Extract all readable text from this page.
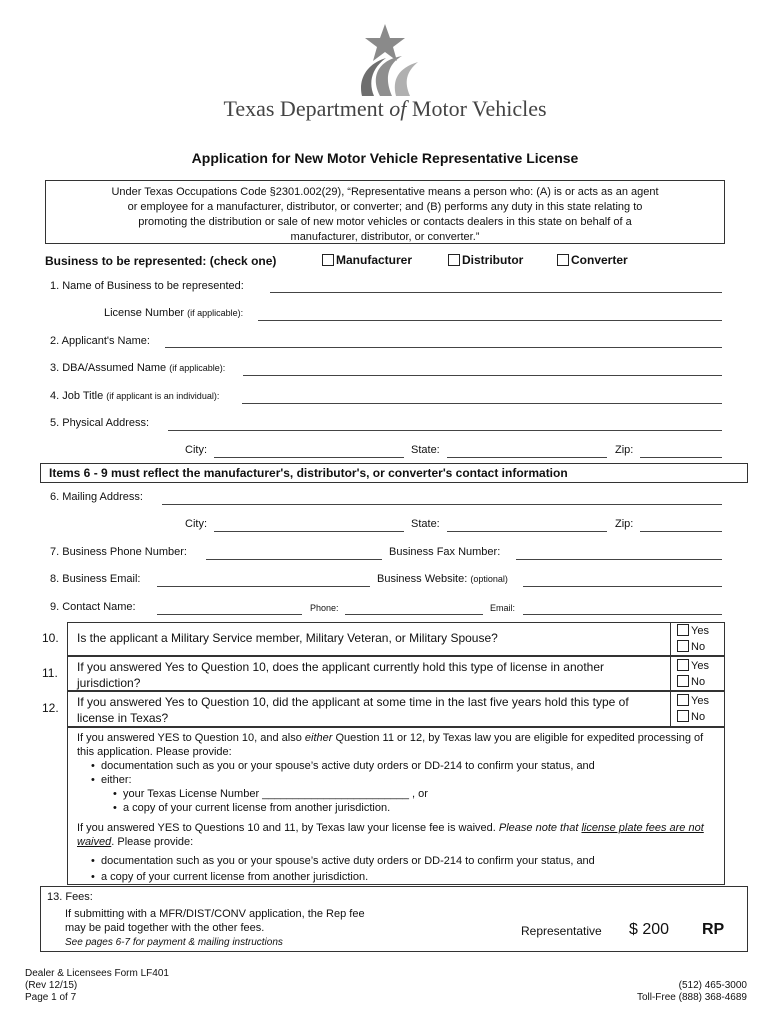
Texas Department of Motor Vehicles
Application for New Motor Vehicle Representative License
Under Texas Occupations Code §2301.002(29), “Representative means a person who: (A) is or acts as an agent or employee for a manufacturer, distributor, or converter; and (B) performs any duty in this state relating to promoting the distribution or sale of new motor vehicles or contacts dealers in this state on behalf of a manufacturer, distributor, or converter.”
Business to be represented: (check one)	Manufacturer	Distributor	Converter
1. Name of Business to be represented:
License Number (if applicable):
2. Applicant's Name:
3. DBA/Assumed Name (if applicable):
4. Job Title (if applicant is an individual):
5. Physical Address:
City:	State:	Zip:
Items 6 - 9 must reflect the manufacturer's, distributor's, or converter's contact information
6. Mailing Address:
City:	State:	Zip:
7. Business Phone Number:	Business Fax Number:
8. Business Email:	Business Website: (optional)
9. Contact Name:	Phone:	Email:
10.	Is the applicant a Military Service member, Military Veteran, or Military Spouse?	Yes
No
11.	If you answered Yes to Question 10, does the applicant currently hold this type of license in another jurisdiction?
Yes
No
12.	If you answered Yes to Question 10, did the applicant at some time in the last five years hold this type of license in Texas?
Yes
No
If you answered YES to Question 10, and also either Question 11 or 12, by Texas law you are eligible for expedited processing of this application. Please provide:
•  documentation such as you or your spouse’s active duty orders or DD-214 to confirm your status, and
•  either:
•  your Texas License Number ________________________ , or
•  a copy of your current license from another jurisdiction.
If you answered YES to Questions 10 and 11, by Texas law your license fee is waived. Please note that license plate fees are not waived. Please provide:
•  documentation such as you or your spouse’s active duty orders or DD-214 to confirm your status, and
•  a copy of your current license from another jurisdiction.
13. Fees:
If submitting with a MFR/DIST/CONV application, the Rep fee may be paid together with the other fees.
See pages 6-7 for payment & mailing instructions
Representative $ 200 RP
Dealer & Licensees Form LF401
(Rev 12/15)
Page 1 of 7
(512) 465-3000
Toll-Free (888) 368-4689
